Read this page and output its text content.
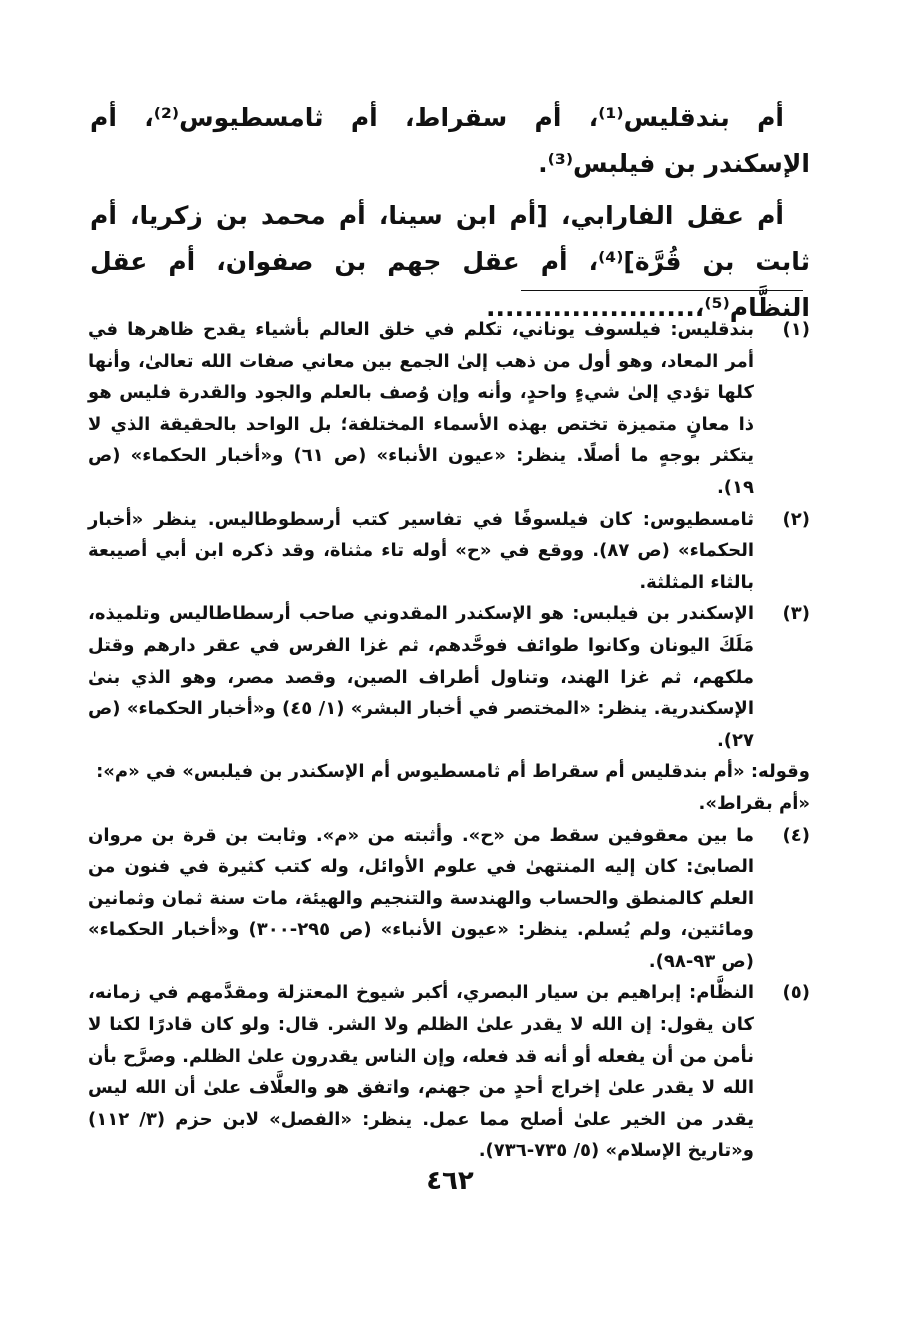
أم بندقليس⁽¹⁾، أم سقراط، أم ثامسطيوس⁽²⁾، أم الإسكندر بن فيلبس⁽³⁾.

أم عقل الفارابي، [أم ابن سينا، أم محمد بن زكريا، أم ثابت بن قُرَّة]⁽⁴⁾، أم عقل جهم بن صفوان، أم عقل النظَّام⁽⁵⁾،......................

(١)
بندقليس: فيلسوف يوناني، تكلم في خلق العالم بأشياء يقدح ظاهرها في أمر المعاد، وهو أول من ذهب إلىٰ الجمع بين معاني صفات الله تعالىٰ، وأنها كلها تؤدي إلىٰ شيءٍ واحدٍ، وأنه وإن وُصف بالعلم والجود والقدرة فليس هو ذا معانٍ متميزة تختص بهذه الأسماء المختلفة؛ بل الواحد بالحقيقة الذي لا يتكثر بوجهٍ ما أصلًا. ينظر: «عيون الأنباء» (ص ٦١) و«أخبار الحكماء» (ص ١٩).
(٢)
ثامسطيوس: كان فيلسوفًا في تفاسير كتب أرسطوطاليس. ينظر «أخبار الحكماء» (ص ٨٧). ووقع في «ح» أوله تاء مثناة، وقد ذكره ابن أبي أصيبعة بالثاء المثلثة.
(٣)
الإسكندر بن فيلبس: هو الإسكندر المقدوني صاحب أرسطاطاليس وتلميذه، مَلَكَ اليونان وكانوا طوائف فوحَّدهم، ثم غزا الفرس في عقر دارهم وقتل ملكهم، ثم غزا الهند، وتناول أطراف الصين، وقصد مصر، وهو الذي بنىٰ الإسكندرية. ينظر: «المختصر في أخبار البشر» (١/ ٤٥) و«أخبار الحكماء» (ص ٢٧).

وقوله: «أم بندقليس أم سقراط أم ثامسطيوس أم الإسكندر بن فيلبس» في «م»: «أم بقراط».

(٤)
ما بين معقوفين سقط من «ح». وأثبته من «م». وثابت بن قرة بن مروان الصابئ: كان إليه المنتهىٰ في علوم الأوائل، وله كتب كثيرة في فنون من العلم كالمنطق والحساب والهندسة والتنجيم والهيئة، مات سنة ثمان وثمانين ومائتين، ولم يُسلم. ينظر: «عيون الأنباء» (ص ٢٩٥-٣٠٠) و«أخبار الحكماء» (ص ٩٣-٩٨).
(٥)
النظَّام: إبراهيم بن سيار البصري، أكبر شيوخ المعتزلة ومقدَّمهم في زمانه، كان يقول: إن الله لا يقدر علىٰ الظلم ولا الشر. قال: ولو كان قادرًا لكنا لا نأمن من أن يفعله أو أنه قد فعله، وإن الناس يقدرون علىٰ الظلم. وصرَّح بأن الله لا يقدر علىٰ إخراج أحدٍ من جهنم، واتفق هو والعلَّاف علىٰ أن الله ليس يقدر من الخير علىٰ أصلح مما عمل. ينظر: «الفصل» لابن حزم (٣/ ١١٢) و«تاريخ الإسلام» (٥/ ٧٣٥-٧٣٦).
٤٦٢
